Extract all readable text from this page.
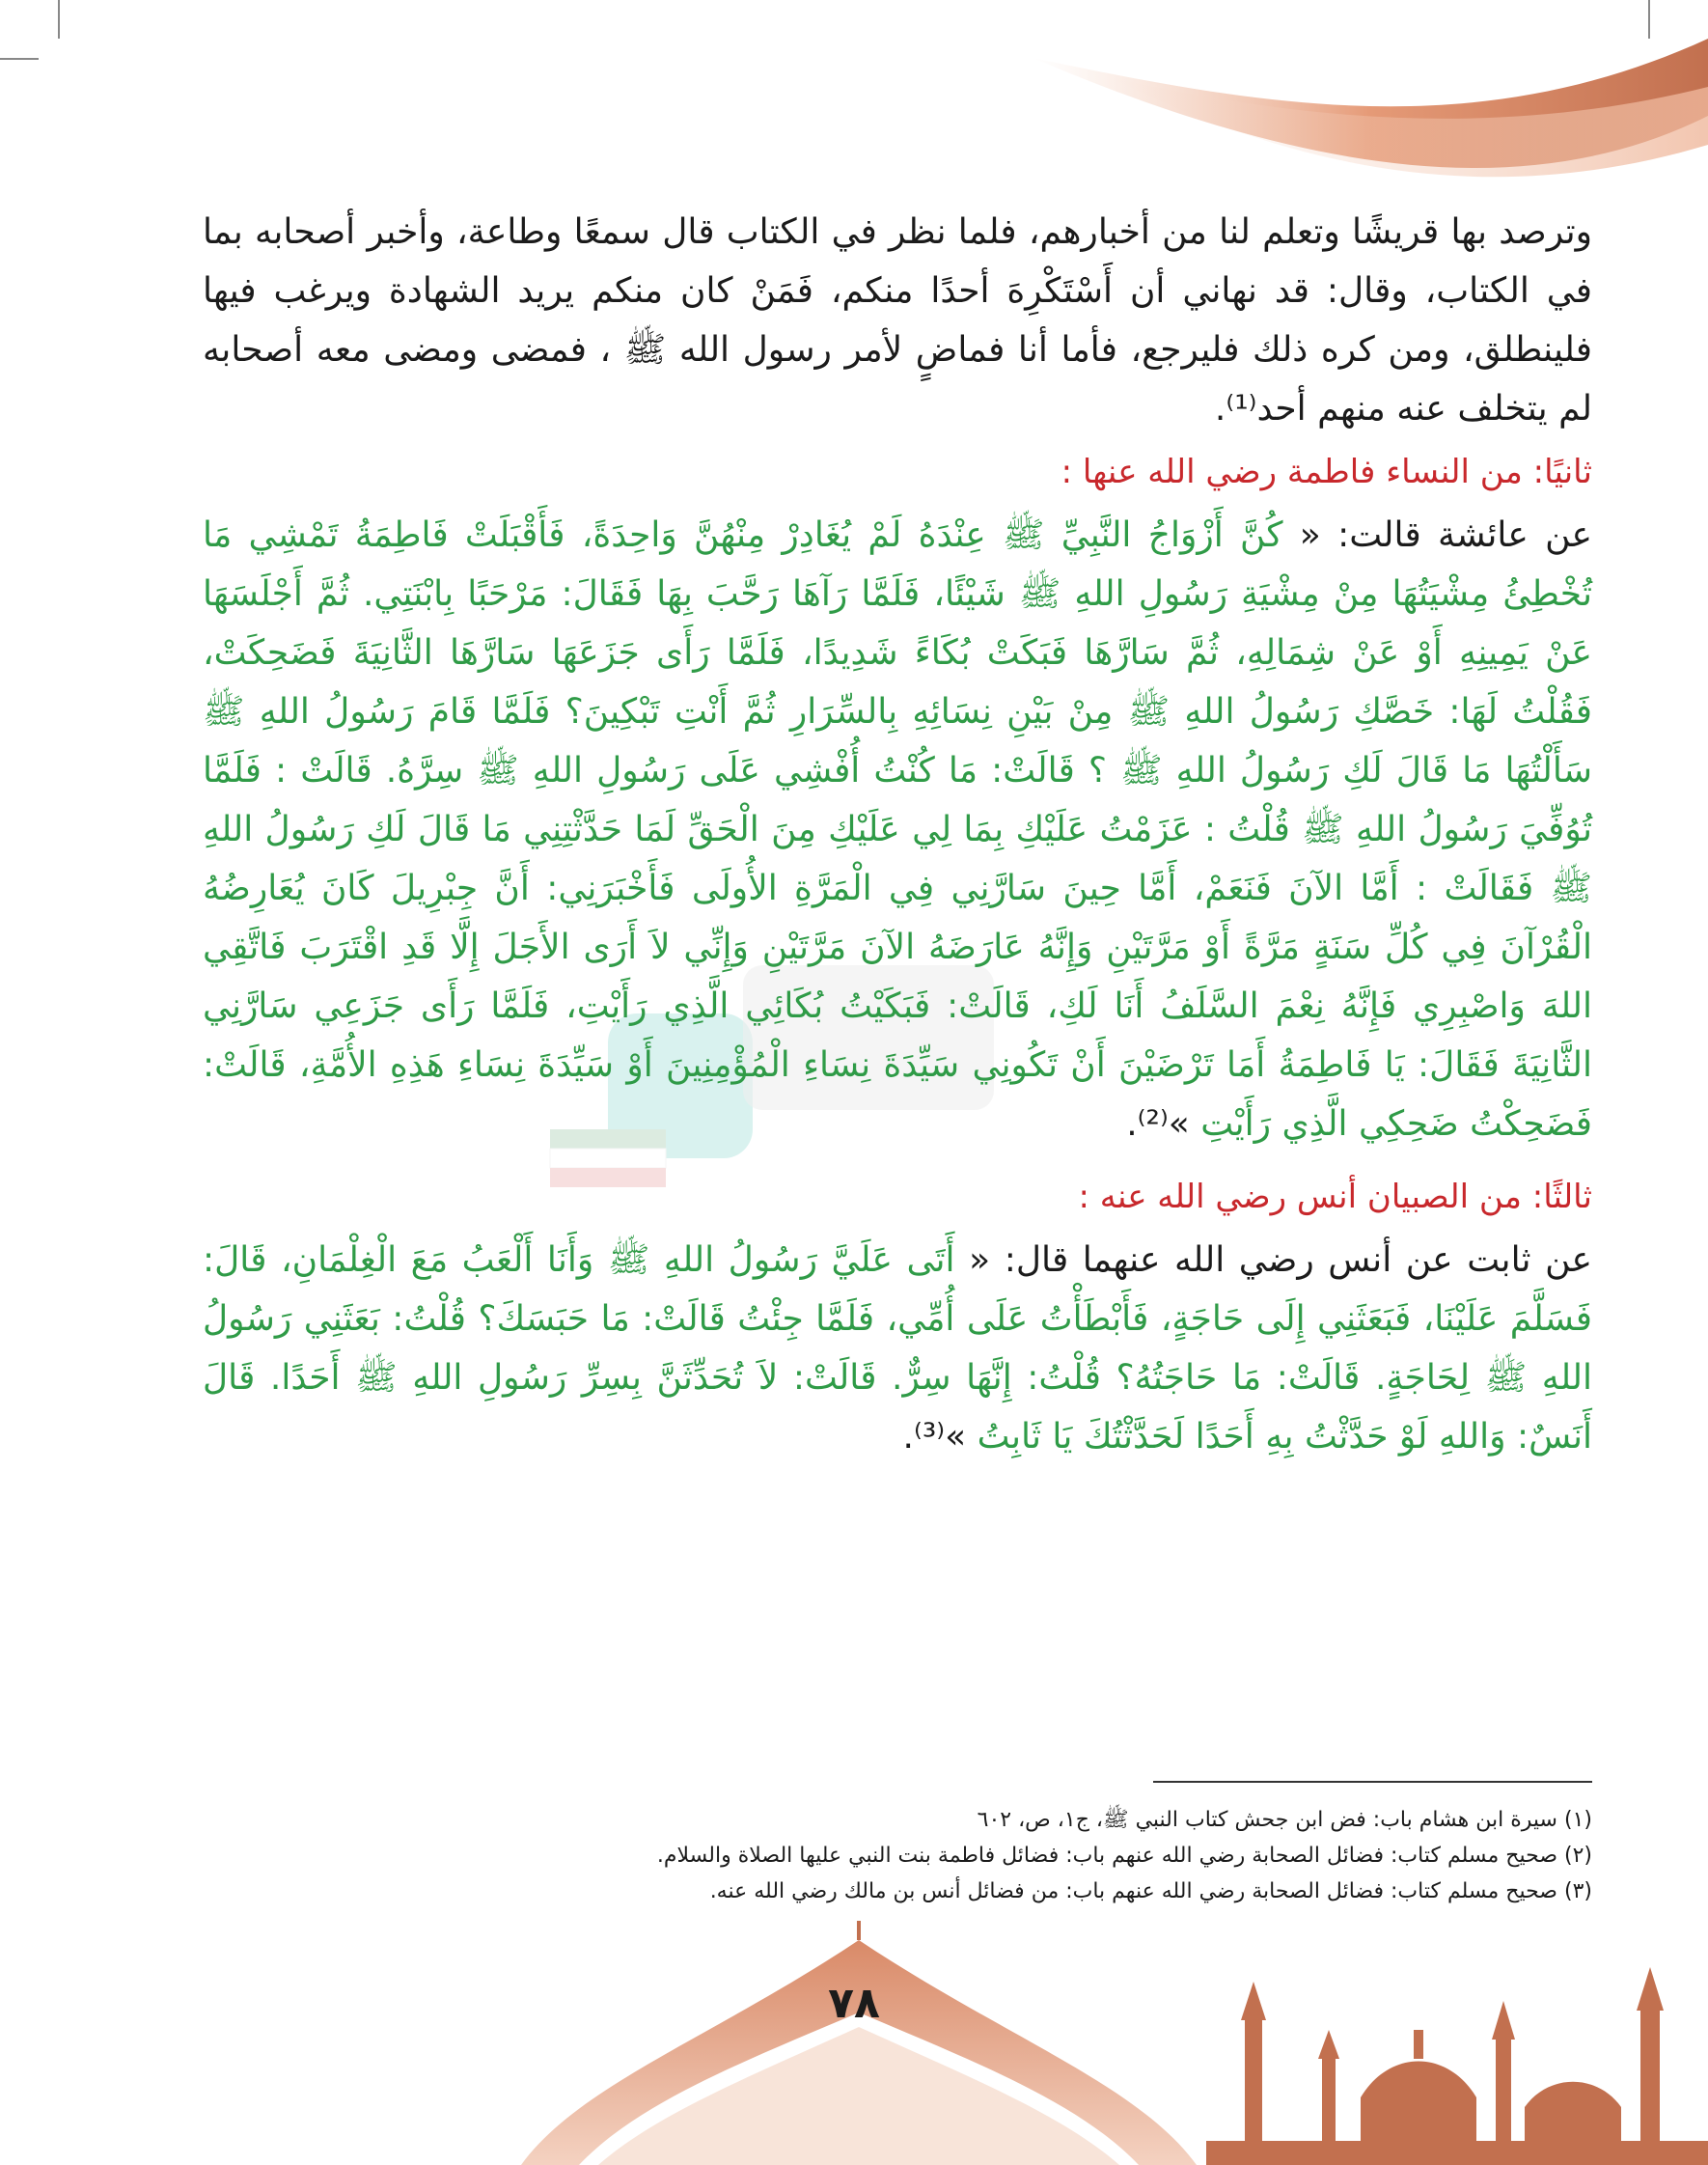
وترصد بها قريشًا وتعلم لنا من أخبارهم، فلما نظر في الكتاب قال سمعًا وطاعة، وأخبر أصحابه بما في الكتاب، وقال: قد نهاني أن أَسْتَكْرِهَ أحدًا منكم، فَمَنْ كان منكم يريد الشهادة ويرغب فيها فلينطلق، ومن كره ذلك فليرجع، فأما أنا فماضٍ لأمر رسول الله ﷺ ، فمضى ومضى معه أصحابه لم يتخلف عنه منهم أحد⁽¹⁾.

ثانيًا: من النساء فاطمة رضي الله عنها :

عن عائشة قالت: « كُنَّ أَزْوَاجُ النَّبِيِّ ﷺ عِنْدَهُ لَمْ يُغَادِرْ مِنْهُنَّ وَاحِدَةً، فَأَقْبَلَتْ فَاطِمَةُ تَمْشِي مَا تُخْطِئُ مِشْيَتُهَا مِنْ مِشْيَةِ رَسُولِ اللهِ ﷺ شَيْئًا، فَلَمَّا رَآهَا رَحَّبَ بِهَا فَقَالَ: مَرْحَبًا بِابْنَتِي. ثُمَّ أَجْلَسَهَا عَنْ يَمِينِهِ أَوْ عَنْ شِمَالِهِ، ثُمَّ سَارَّهَا فَبَكَتْ بُكَاءً شَدِيدًا، فَلَمَّا رَأَى جَزَعَهَا سَارَّهَا الثَّانِيَةَ فَضَحِكَتْ، فَقُلْتُ لَهَا: خَصَّكِ رَسُولُ اللهِ ﷺ مِنْ بَيْنِ نِسَائِهِ بِالسِّرَارِ ثُمَّ أَنْتِ تَبْكِينَ؟ فَلَمَّا قَامَ رَسُولُ اللهِ ﷺ سَأَلْتُهَا مَا قَالَ لَكِ رَسُولُ اللهِ ﷺ ؟ قَالَتْ: مَا كُنْتُ أُفْشِي عَلَى رَسُولِ اللهِ ﷺ سِرَّهُ. قَالَتْ : فَلَمَّا تُوُفِّيَ رَسُولُ اللهِ ﷺ قُلْتُ : عَزَمْتُ عَلَيْكِ بِمَا لِي عَلَيْكِ مِنَ الْحَقِّ لَمَا حَدَّثْتِنِي مَا قَالَ لَكِ رَسُولُ اللهِ ﷺ فَقَالَتْ : أَمَّا الآنَ فَنَعَمْ، أَمَّا حِينَ سَارَّنِي فِي الْمَرَّةِ الأُولَى فَأَخْبَرَنِي: أَنَّ جِبْرِيلَ كَانَ يُعَارِضُهُ الْقُرْآنَ فِي كُلِّ سَنَةٍ مَرَّةً أَوْ مَرَّتَيْنِ وَإِنَّهُ عَارَضَهُ الآنَ مَرَّتَيْنِ وَإِنِّي لاَ أَرَى الأَجَلَ إِلَّا قَدِ اقْتَرَبَ فَاتَّقِي اللهَ وَاصْبِرِي فَإِنَّهُ نِعْمَ السَّلَفُ أَنَا لَكِ، قَالَتْ: فَبَكَيْتُ بُكَائِي الَّذِي رَأَيْتِ، فَلَمَّا رَأَى جَزَعِي سَارَّنِي الثَّانِيَةَ فَقَالَ: يَا فَاطِمَةُ أَمَا تَرْضَيْنَ أَنْ تَكُونِي سَيِّدَةَ نِسَاءِ الْمُؤْمِنِينَ أَوْ سَيِّدَةَ نِسَاءِ هَذِهِ الأُمَّةِ، قَالَتْ: فَضَحِكْتُ ضَحِكِي الَّذِي رَأَيْتِ »⁽²⁾.

ثالثًا: من الصبيان أنس رضي الله عنه :

عن ثابت عن أنس رضي الله عنهما قال: « أَتَى عَلَيَّ رَسُولُ اللهِ ﷺ وَأَنَا أَلْعَبُ مَعَ الْغِلْمَانِ، قَالَ: فَسَلَّمَ عَلَيْنَا، فَبَعَثَنِي إِلَى حَاجَةٍ، فَأَبْطَأْتُ عَلَى أُمِّي، فَلَمَّا جِئْتُ قَالَتْ: مَا حَبَسَكَ؟ قُلْتُ: بَعَثَنِي رَسُولُ اللهِ ﷺ لِحَاجَةٍ. قَالَتْ: مَا حَاجَتُهُ؟ قُلْتُ: إِنَّهَا سِرٌّ. قَالَتْ: لاَ تُحَدِّثَنَّ بِسِرِّ رَسُولِ اللهِ ﷺ أَحَدًا. قَالَ أَنَسٌ: وَاللهِ لَوْ حَدَّثْتُ بِهِ أَحَدًا لَحَدَّثْتُكَ يَا ثَابِتُ »⁽³⁾.

(١) سيرة ابن هشام باب: فض ابن جحش كتاب النبي ﷺ، ج١، ص، ٦٠٢

(٢) صحيح مسلم كتاب: فضائل الصحابة رضي الله عنهم باب: فضائل فاطمة بنت النبي عليها الصلاة والسلام.

(٣) صحيح مسلم كتاب: فضائل الصحابة رضي الله عنهم باب: من فضائل أنس بن مالك رضي الله عنه.

٧٨
